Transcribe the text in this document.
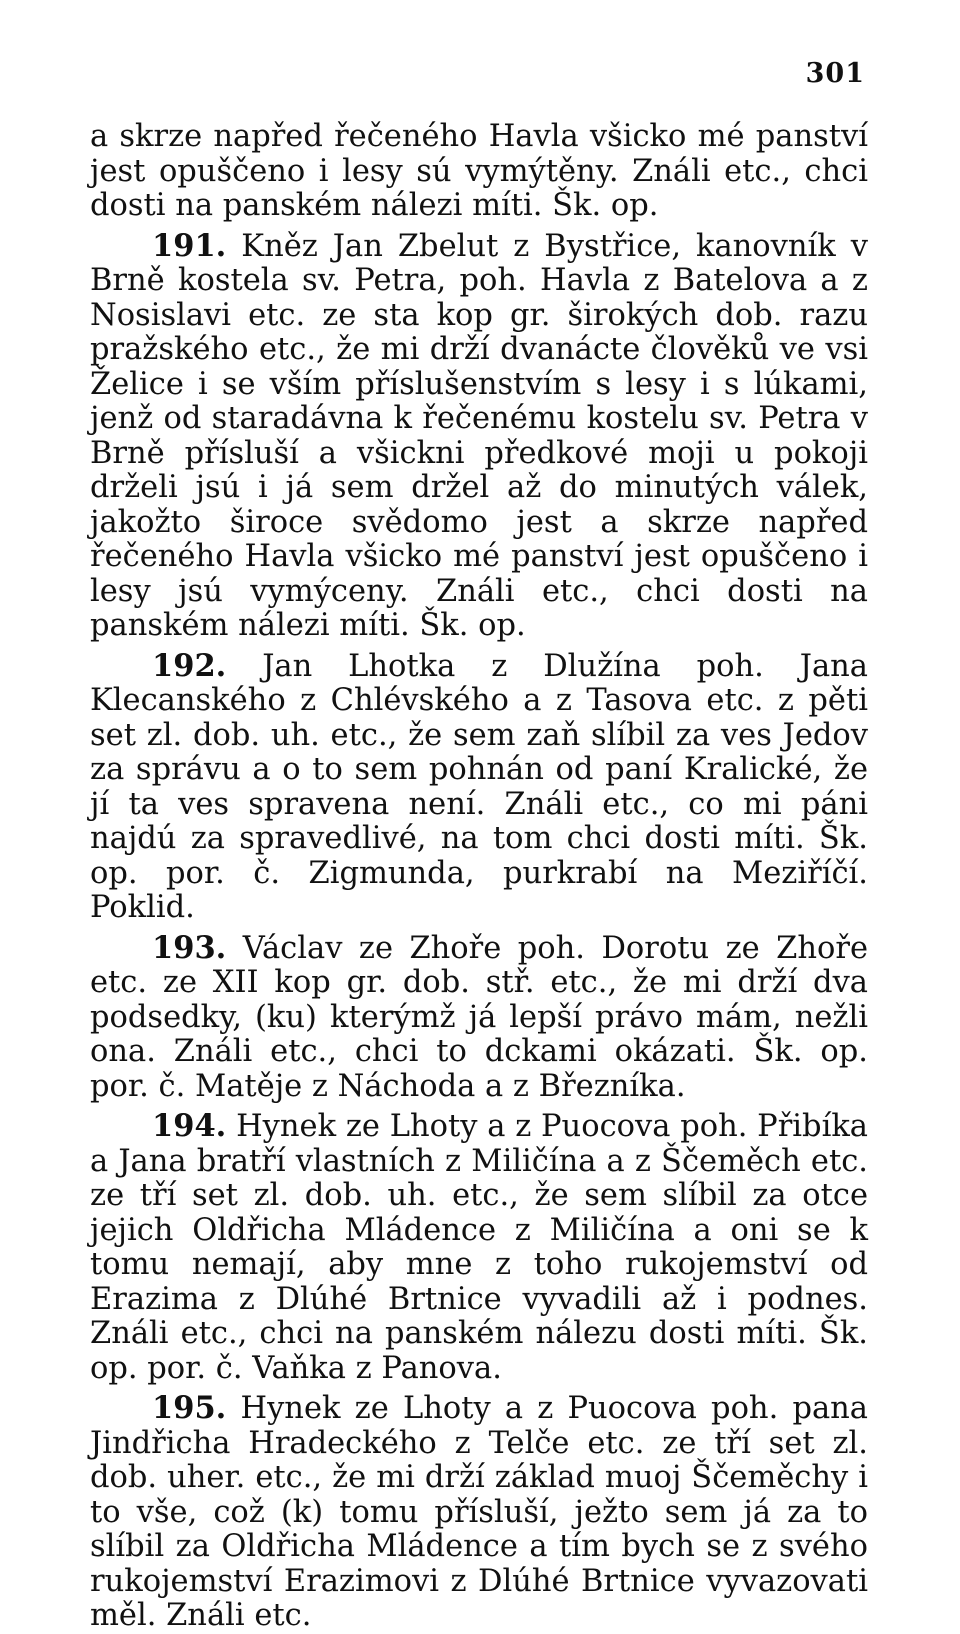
301

a skrze napřed řečeného Havla všicko mé panství jest opuščeno i lesy sú vymýtěny. Ználi etc., chci dosti na panském nálezi míti. Šk. op.

191. Kněz Jan Zbelut z Bystřice, kanovník v Brně kostela sv. Petra, poh. Havla z Batelova a z Nosislavi etc. ze sta kop gr. širokých dob. razu pražského etc., že mi drží dvanácte člověků ve vsi Želice i se vším příslušenstvím s lesy i s lúkami, jenž od staradávna k řečenému kostelu sv. Petra v Brně přísluší a všickni předkové moji u pokoji drželi jsú i já sem držel až do minutých válek, jakožto široce svědomo jest a skrze napřed řečeného Havla všicko mé panství jest opuščeno i lesy jsú vymýceny. Ználi etc., chci dosti na panském nálezi míti. Šk. op.

192. Jan Lhotka z Dlužína poh. Jana Klecanského z Chlévského a z Tasova etc. z pěti set zl. dob. uh. etc., že sem zaň slíbil za ves Jedov za správu a o to sem pohnán od paní Kralické, že jí ta ves spravena není. Ználi etc., co mi páni najdú za spravedlivé, na tom chci dosti míti. Šk. op. por. č. Zigmunda, purkrabí na Meziříčí. Poklid.

193. Václav ze Zhoře poh. Dorotu ze Zhoře etc. ze XII kop gr. dob. stř. etc., že mi drží dva podsedky, (ku) kterýmž já lepší právo mám, nežli ona. Ználi etc., chci to dckami okázati. Šk. op. por. č. Matěje z Náchoda a z Březníka.

194. Hynek ze Lhoty a z Puocova poh. Přibíka a Jana bratří vlastních z Miličína a z Ščeměch etc. ze tří set zl. dob. uh. etc., že sem slíbil za otce jejich Oldřicha Mládence z Miličína a oni se k tomu nemají, aby mne z toho rukojemství od Erazima z Dlúhé Brtnice vyvadili až i podnes. Ználi etc., chci na panském nálezu dosti míti. Šk. op. por. č. Vaňka z Panova.

195. Hynek ze Lhoty a z Puocova poh. pana Jindřicha Hradeckého z Telče etc. ze tří set zl. dob. uher. etc., že mi drží základ muoj Ščeměchy i to vše, což (k) tomu přísluší, ježto sem já za to slíbil za Oldřicha Mládence a tím bych se z svého rukojemství Erazimovi z Dlúhé Brtnice vyvazovati měl. Ználi etc.
